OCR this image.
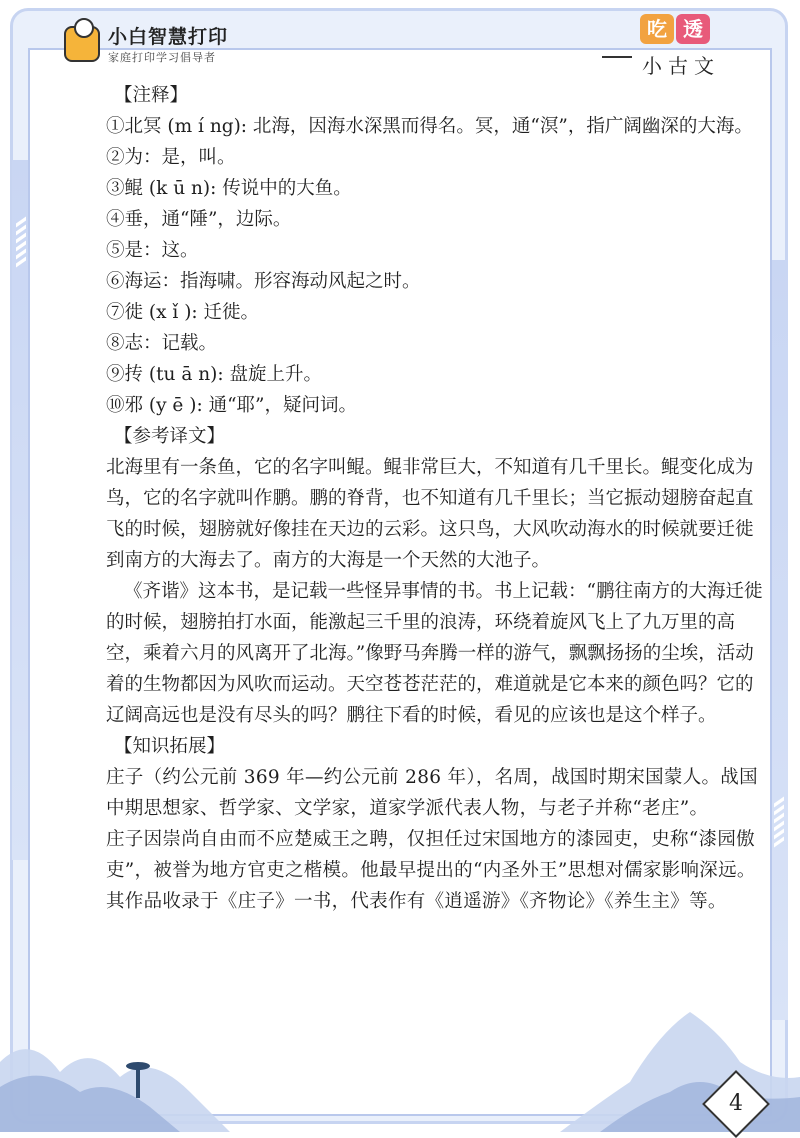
小白智慧打印
家庭打印学习倡导者
吃 透
小古文

【注释】

①北冥 (m í ng): 北海，因海水深黑而得名。冥，通“溟”，指广阔幽深的大海。

②为：是，叫。

③鲲 (k ū n): 传说中的大鱼。

④垂，通“陲”，边际。

⑤是：这。

⑥海运：指海啸。形容海动风起之时。

⑦徙 (x ǐ ): 迁徙。

⑧志：记载。

⑨抟 (tu ā n): 盘旋上升。

⑩邪 (y ē ): 通“耶”，疑问词。

【参考译文】

北海里有一条鱼，它的名字叫鲲。鲲非常巨大，不知道有几千里长。鲲变化成为鸟，它的名字就叫作鹏。鹏的脊背，也不知道有几千里长；当它振动翅膀奋起直飞的时候，翅膀就好像挂在天边的云彩。这只鸟，大风吹动海水的时候就要迁徙到南方的大海去了。南方的大海是一个天然的大池子。

《齐谐》这本书，是记载一些怪异事情的书。书上记载：“鹏往南方的大海迁徙的时候，翅膀拍打水面，能激起三千里的浪涛，环绕着旋风飞上了九万里的高空，乘着六月的风离开了北海。”像野马奔腾一样的游气，飘飘扬扬的尘埃，活动着的生物都因为风吹而运动。天空苍苍茫茫的，难道就是它本来的颜色吗？它的辽阔高远也是没有尽头的吗？鹏往下看的时候，看见的应该也是这个样子。

【知识拓展】

庄子（约公元前 369 年—约公元前 286 年），名周，战国时期宋国蒙人。战国中期思想家、哲学家、文学家，道家学派代表人物，与老子并称“老庄”。

庄子因崇尚自由而不应楚威王之聘，仅担任过宋国地方的漆园吏，史称“漆园傲吏”，被誉为地方官吏之楷模。他最早提出的“内圣外王”思想对儒家影响深远。其作品收录于《庄子》一书，代表作有《逍遥游》《齐物论》《养生主》等。

4
